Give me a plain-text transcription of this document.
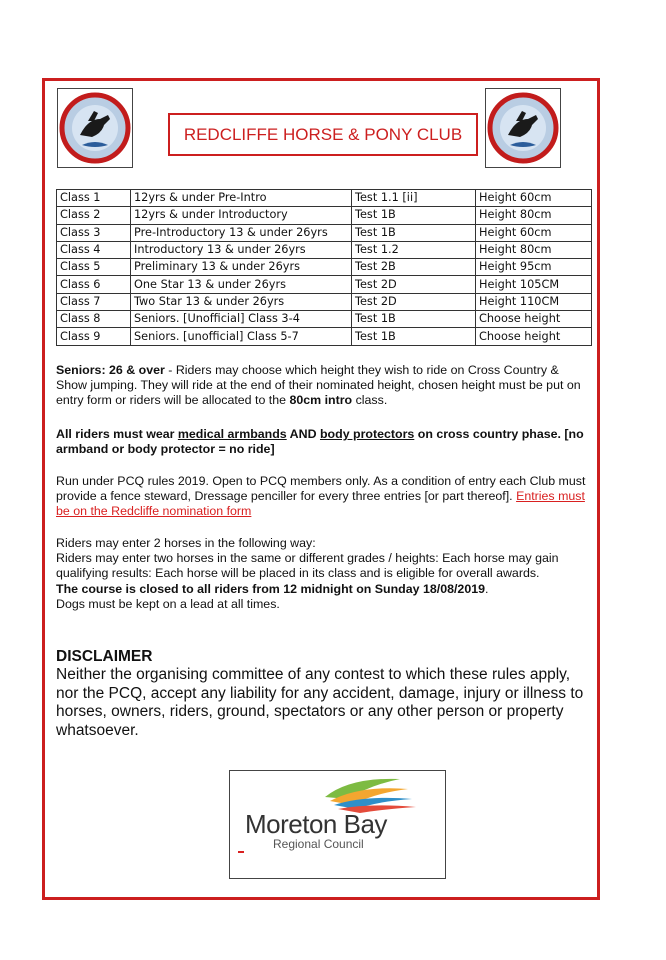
REDCLIFFE HORSE & PONY CLUB
Class 1	12yrs & under Pre-Intro	Test 1.1 [ii]	Height 60cm
Class 2	12yrs & under Introductory	Test 1B	Height 80cm
Class 3	Pre-Introductory 13 & under 26yrs	Test 1B	Height 60cm
Class 4	Introductory 13 & under 26yrs	Test 1.2	Height 80cm
Class 5	Preliminary 13 & under 26yrs	Test 2B	Height 95cm
Class 6	One Star 13 & under 26yrs	Test 2D	Height 105CM
Class 7	Two Star 13 & under 26yrs	Test 2D	Height 110CM
Class 8	Seniors. [Unofficial] Class 3-4	Test 1B	Choose height
Class 9	Seniors. [unofficial] Class 5-7	Test 1B	Choose height
Seniors: 26 & over - Riders may choose which height they wish to ride on Cross Country & Show jumping. They will ride at the end of their nominated height, chosen height must be put on entry form or riders will be allocated to the 80cm intro class.
All riders must wear medical armbands AND body protectors on cross country phase. [no armband or body protector = no ride]
Run under PCQ rules 2019. Open to PCQ members only. As a condition of entry each Club must provide a fence steward, Dressage penciller for every three entries [or part thereof]. Entries must be on the Redcliffe nomination form
Riders may enter 2 horses in the following way:
Riders may enter two horses in the same or different grades / heights: Each horse may gain qualifying results: Each horse will be placed in its class and is eligible for overall awards.
The course is closed to all riders from 12 midnight on Sunday 18/08/2019.
Dogs must be kept on a lead at all times.
DISCLAIMER
Neither the organising committee of any contest to which these rules apply, nor the PCQ, accept any liability for any accident, damage, injury or illness to horses, owners, riders, ground, spectators or any other person or property whatsoever.
Moreton Bay
Regional Council
